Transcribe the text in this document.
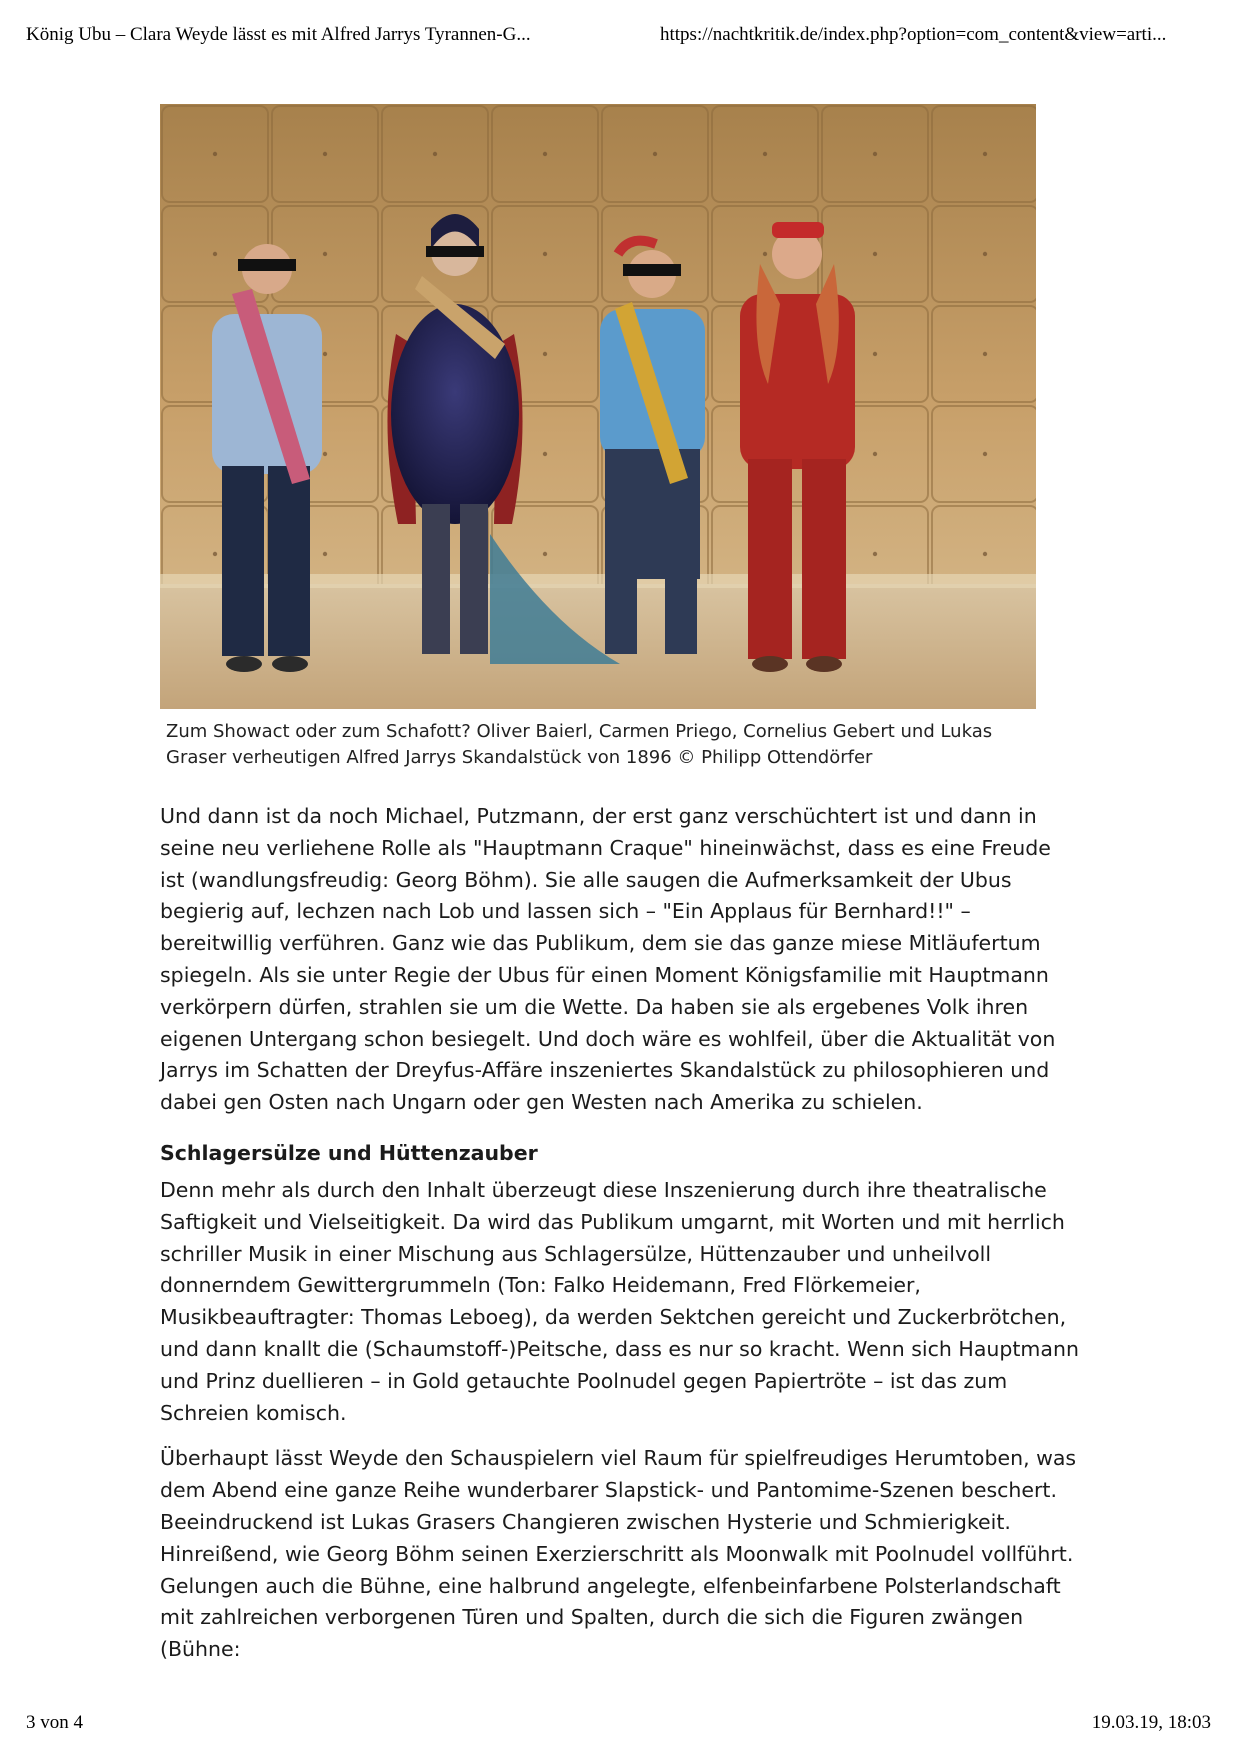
König Ubu – Clara Weyde lässt es mit Alfred Jarrys Tyrannen-G...	https://nachtkritik.de/index.php?option=com_content&view=arti...
Zum Showact oder zum Schafott? Oliver Baierl, Carmen Priego, Cornelius Gebert und Lukas Graser verheutigen Alfred Jarrys Skandalstück von 1896 © Philipp Ottendörfer

Und dann ist da noch Michael, Putzmann, der erst ganz verschüchtert ist und dann in seine neu verliehene Rolle als "Hauptmann Craque" hineinwächst, dass es eine Freude ist (wandlungsfreudig: Georg Böhm). Sie alle saugen die Aufmerksamkeit der Ubus begierig auf, lechzen nach Lob und lassen sich – "Ein Applaus für Bernhard!!" – bereitwillig verführen. Ganz wie das Publikum, dem sie das ganze miese Mitläufertum spiegeln. Als sie unter Regie der Ubus für einen Moment Königsfamilie mit Hauptmann verkörpern dürfen, strahlen sie um die Wette. Da haben sie als ergebenes Volk ihren eigenen Untergang schon besiegelt. Und doch wäre es wohlfeil, über die Aktualität von Jarrys im Schatten der Dreyfus-Affäre inszeniertes Skandalstück zu philosophieren und dabei gen Osten nach Ungarn oder gen Westen nach Amerika zu schielen.

Schlagersülze und Hüttenzauber

Denn mehr als durch den Inhalt überzeugt diese Inszenierung durch ihre theatralische Saftigkeit und Vielseitigkeit. Da wird das Publikum umgarnt, mit Worten und mit herrlich schriller Musik in einer Mischung aus Schlagersülze, Hüttenzauber und unheilvoll donnerndem Gewittergrummeln (Ton: Falko Heidemann, Fred Flörkemeier, Musikbeauftragter: Thomas Leboeg), da werden Sektchen gereicht und Zuckerbrötchen, und dann knallt die (Schaumstoff-)Peitsche, dass es nur so kracht. Wenn sich Hauptmann und Prinz duellieren – in Gold getauchte Poolnudel gegen Papiertröte – ist das zum Schreien komisch.

Überhaupt lässt Weyde den Schauspielern viel Raum für spielfreudiges Herumtoben, was dem Abend eine ganze Reihe wunderbarer Slapstick- und Pantomime-Szenen beschert. Beeindruckend ist Lukas Grasers Changieren zwischen Hysterie und Schmierigkeit. Hinreißend, wie Georg Böhm seinen Exerzierschritt als Moonwalk mit Poolnudel vollführt. Gelungen auch die Bühne, eine halbrund angelegte, elfenbeinfarbene Polsterlandschaft mit zahlreichen verborgenen Türen und Spalten, durch die sich die Figuren zwängen (Bühne:

3 von 4	19.03.19, 18:03
